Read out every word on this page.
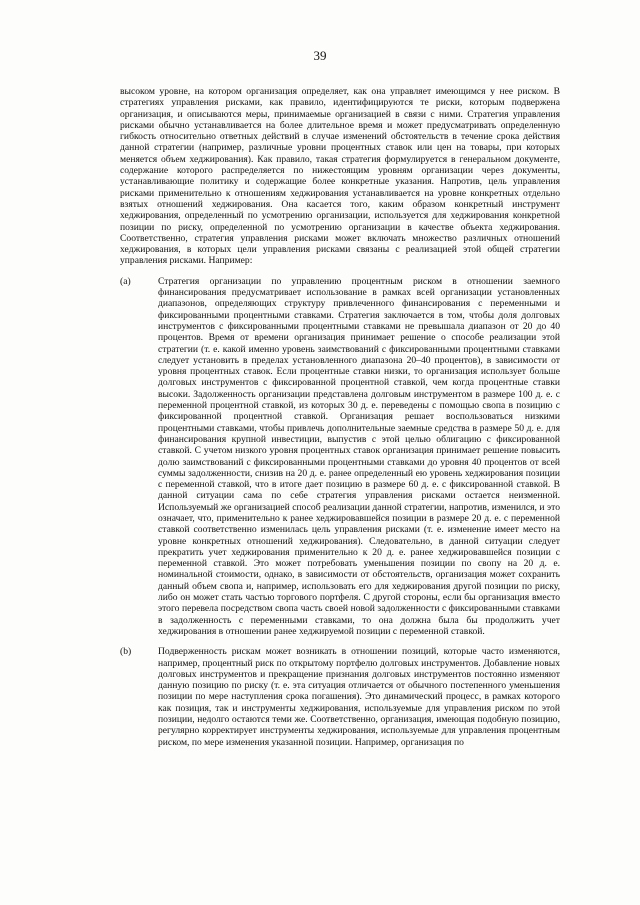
39

высоком уровне, на котором организация определяет, как она управляет имеющимся у нее риском. В стратегиях управления рисками, как правило, идентифицируются те риски, которым подвержена организация, и описываются меры, принимаемые организацией в связи с ними. Стратегия управления рисками обычно устанавливается на более длительное время и может предусматривать определенную гибкость относительно ответных действий в случае изменений обстоятельств в течение срока действия данной стратегии (например, различные уровни процентных ставок или цен на товары, при которых меняется объем хеджирования). Как правило, такая стратегия формулируется в генеральном документе, содержание которого распределяется по нижестоящим уровням организации через документы, устанавливающие политику и содержащие более конкретные указания. Напротив, цель управления рисками применительно к отношениям хеджирования устанавливается на уровне конкретных отдельно взятых отношений хеджирования. Она касается того, каким образом конкретный инструмент хеджирования, определенный по усмотрению организации, используется для хеджирования конкретной позиции по риску, определенной по усмотрению организации в качестве объекта хеджирования. Соответственно, стратегия управления рисками может включать множество различных отношений хеджирования, в которых цели управления рисками связаны с реализацией этой общей стратегии управления рисками. Например:

(a)	Стратегия организации по управлению процентным риском в отношении заемного финансирования предусматривает использование в рамках всей организации установленных диапазонов, определяющих структуру привлеченного финансирования с переменными и фиксированными процентными ставками. Стратегия заключается в том, чтобы доля долговых инструментов с фиксированными процентными ставками не превышала диапазон от 20 до 40 процентов. Время от времени организация принимает решение о способе реализации этой стратегии (т. е. какой именно уровень заимствований с фиксированными процентными ставками следует установить в пределах установленного диапазона 20–40 процентов), в зависимости от уровня процентных ставок. Если процентные ставки низки, то организация использует больше долговых инструментов с фиксированной процентной ставкой, чем когда процентные ставки высоки. Задолженность организации представлена долговым инструментом в размере 100 д. е. с переменной процентной ставкой, из которых 30 д. е. переведены с помощью свопа в позицию с фиксированной процентной ставкой. Организация решает воспользоваться низкими процентными ставками, чтобы привлечь дополнительные заемные средства в размере 50 д. е. для финансирования крупной инвестиции, выпустив с этой целью облигацию с фиксированной ставкой. С учетом низкого уровня процентных ставок организация принимает решение повысить долю заимствований с фиксированными процентными ставками до уровня 40 процентов от всей суммы задолженности, снизив на 20 д. е. ранее определенный ею уровень хеджирования позиции с переменной ставкой, что в итоге дает позицию в размере 60 д. е. с фиксированной ставкой. В данной ситуации сама по себе стратегия управления рисками остается неизменной. Используемый же организацией способ реализации данной стратегии, напротив, изменился, и это означает, что, применительно к ранее хеджировавшейся позиции в размере 20 д. е. с переменной ставкой соответственно изменилась цель управления рисками (т. е. изменение имеет место на уровне конкретных отношений хеджирования). Следовательно, в данной ситуации следует прекратить учет хеджирования применительно к 20 д. е. ранее хеджировавшейся позиции с переменной ставкой. Это может потребовать уменьшения позиции по свопу на 20 д. е. номинальной стоимости, однако, в зависимости от обстоятельств, организация может сохранить данный объем свопа и, например, использовать его для хеджирования другой позиции по риску, либо он может стать частью торгового портфеля. С другой стороны, если бы организация вместо этого перевела посредством свопа часть своей новой задолженности с фиксированными ставками в задолженность с переменными ставками, то она должна была бы продолжить учет хеджирования в отношении ранее хеджируемой позиции с переменной ставкой.
(b)	Подверженность рискам может возникать в отношении позиций, которые часто изменяются, например, процентный риск по открытому портфелю долговых инструментов. Добавление новых долговых инструментов и прекращение признания долговых инструментов постоянно изменяют данную позицию по риску (т. е. эта ситуация отличается от обычного постепенного уменьшения позиции по мере наступления срока погашения). Это динамический процесс, в рамках которого как позиция, так и инструменты хеджирования, используемые для управления риском по этой позиции, недолго остаются теми же. Соответственно, организация, имеющая подобную позицию, регулярно корректирует инструменты хеджирования, используемые для управления процентным риском, по мере изменения указанной позиции. Например, организация по
